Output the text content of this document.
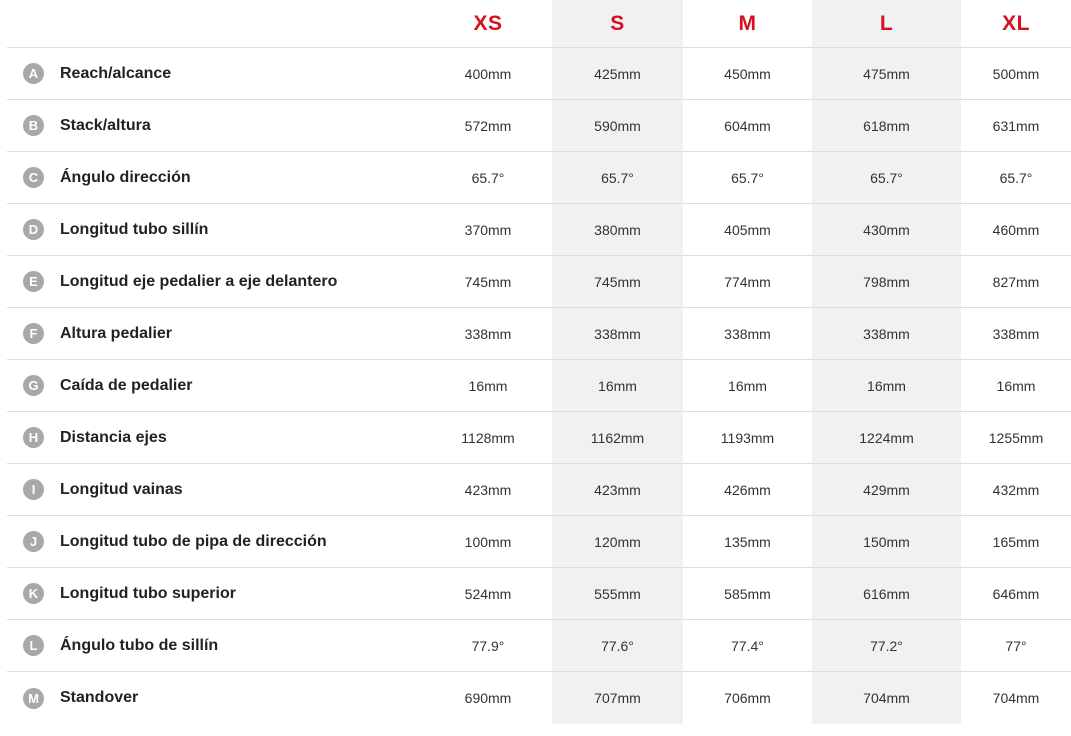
	XS	S	M	L	XL

A Reach/alcance	400mm	425mm	450mm	475mm	500mm

B Stack/altura	572mm	590mm	604mm	618mm	631mm

C Ángulo dirección	65.7°	65.7°	65.7°	65.7°	65.7°

D Longitud tubo sillín	370mm	380mm	405mm	430mm	460mm

E Longitud eje pedalier a eje delantero	745mm	745mm	774mm	798mm	827mm

F Altura pedalier	338mm	338mm	338mm	338mm	338mm

G Caída de pedalier	16mm	16mm	16mm	16mm	16mm

H Distancia ejes	1128mm	1162mm	1193mm	1224mm	1255mm

I Longitud vainas	423mm	423mm	426mm	429mm	432mm

J Longitud tubo de pipa de dirección	100mm	120mm	135mm	150mm	165mm

K Longitud tubo superior	524mm	555mm	585mm	616mm	646mm

L Ángulo tubo de sillín	77.9°	77.6°	77.4°	77.2°	77°

M Standover	690mm	707mm	706mm	704mm	704mm
